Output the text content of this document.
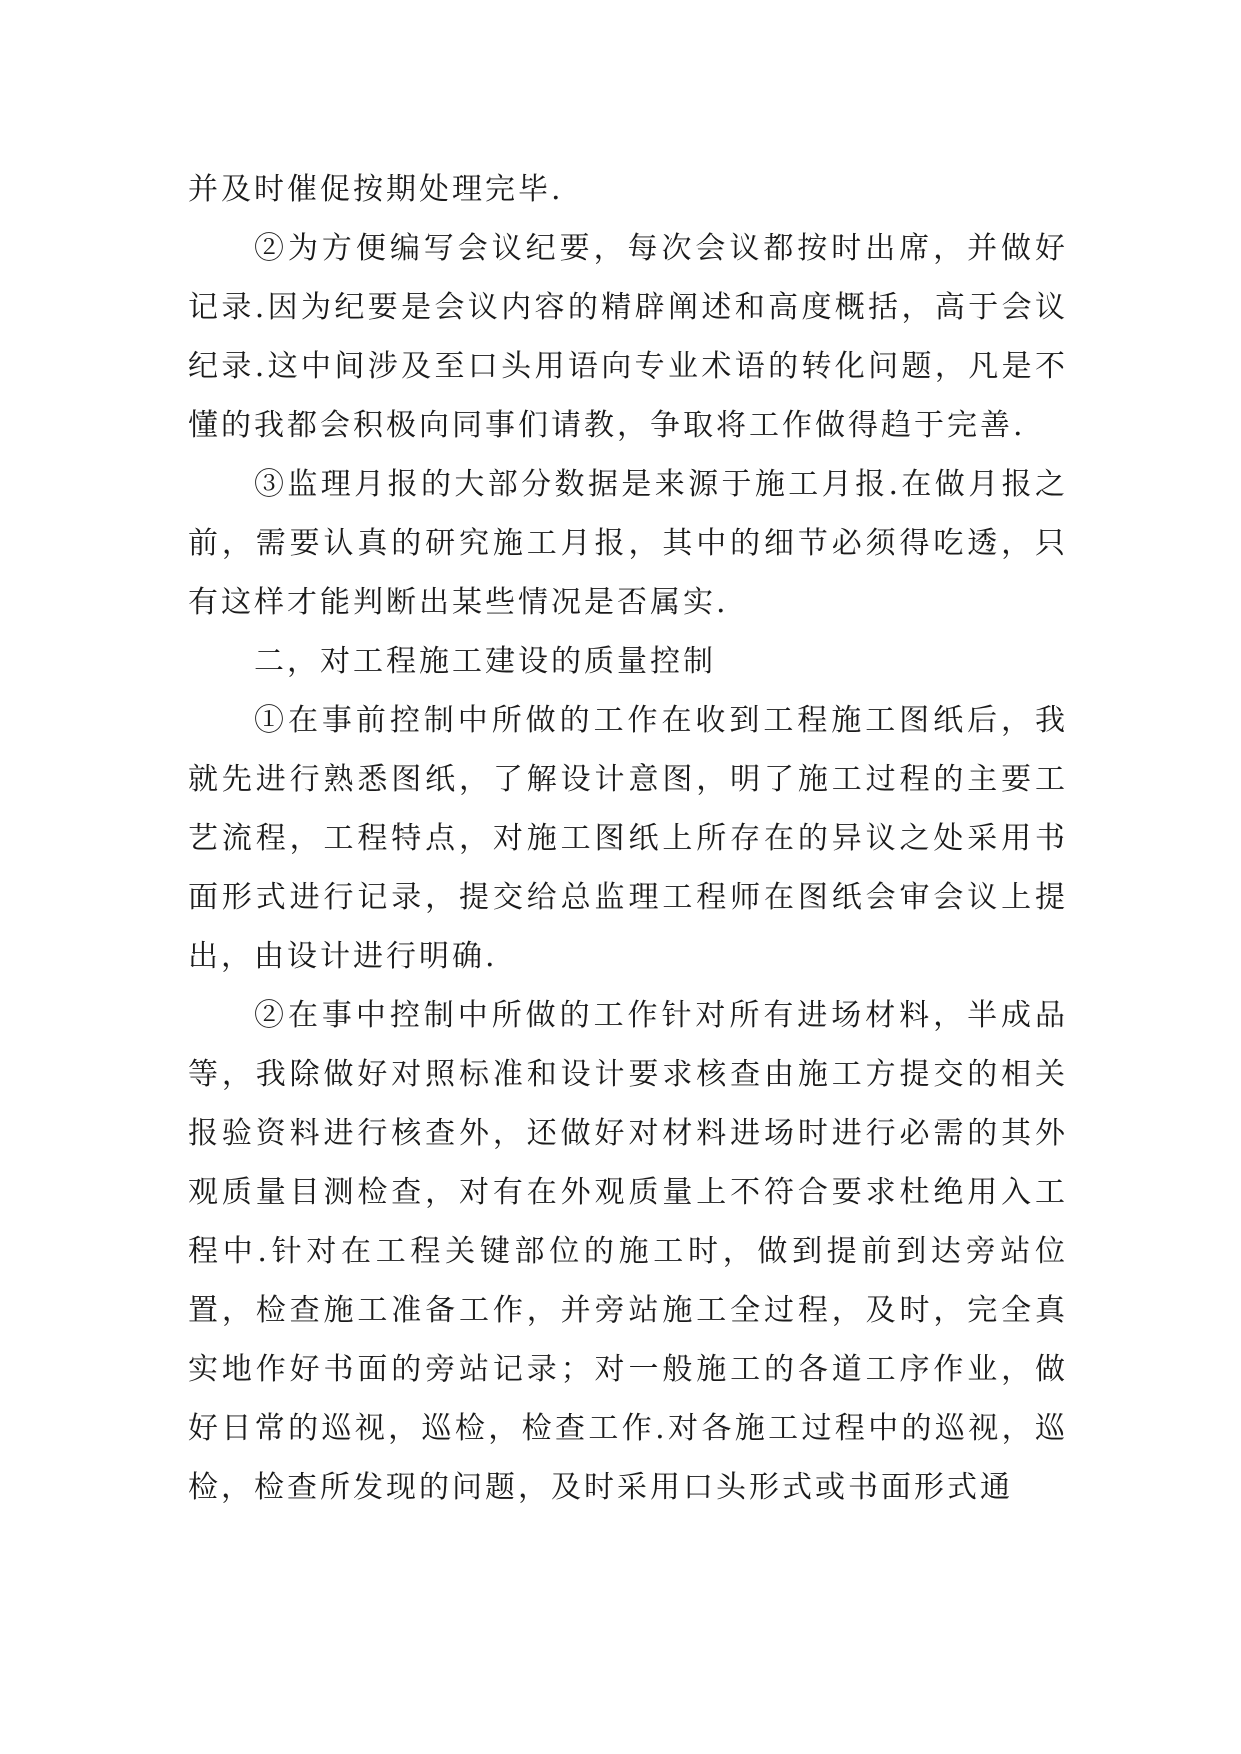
并及时催促按期处理完毕.

②为方便编写会议纪要，每次会议都按时出席，并做好记录.因为纪要是会议内容的精辟阐述和高度概括，高于会议纪录.这中间涉及至口头用语向专业术语的转化问题，凡是不懂的我都会积极向同事们请教，争取将工作做得趋于完善.

③监理月报的大部分数据是来源于施工月报.在做月报之前，需要认真的研究施工月报，其中的细节必须得吃透，只有这样才能判断出某些情况是否属实.

二，对工程施工建设的质量控制

①在事前控制中所做的工作在收到工程施工图纸后，我就先进行熟悉图纸，了解设计意图，明了施工过程的主要工艺流程，工程特点，对施工图纸上所存在的异议之处采用书面形式进行记录，提交给总监理工程师在图纸会审会议上提出，由设计进行明确.

②在事中控制中所做的工作针对所有进场材料，半成品等，我除做好对照标准和设计要求核查由施工方提交的相关报验资料进行核查外，还做好对材料进场时进行必需的其外观质量目测检查，对有在外观质量上不符合要求杜绝用入工程中.针对在工程关键部位的施工时，做到提前到达旁站位置，检查施工准备工作，并旁站施工全过程，及时，完全真实地作好书面的旁站记录；对一般施工的各道工序作业，做好日常的巡视，巡检，检查工作.对各施工过程中的巡视，巡检，检查所发现的问题，及时采用口头形式或书面形式通
